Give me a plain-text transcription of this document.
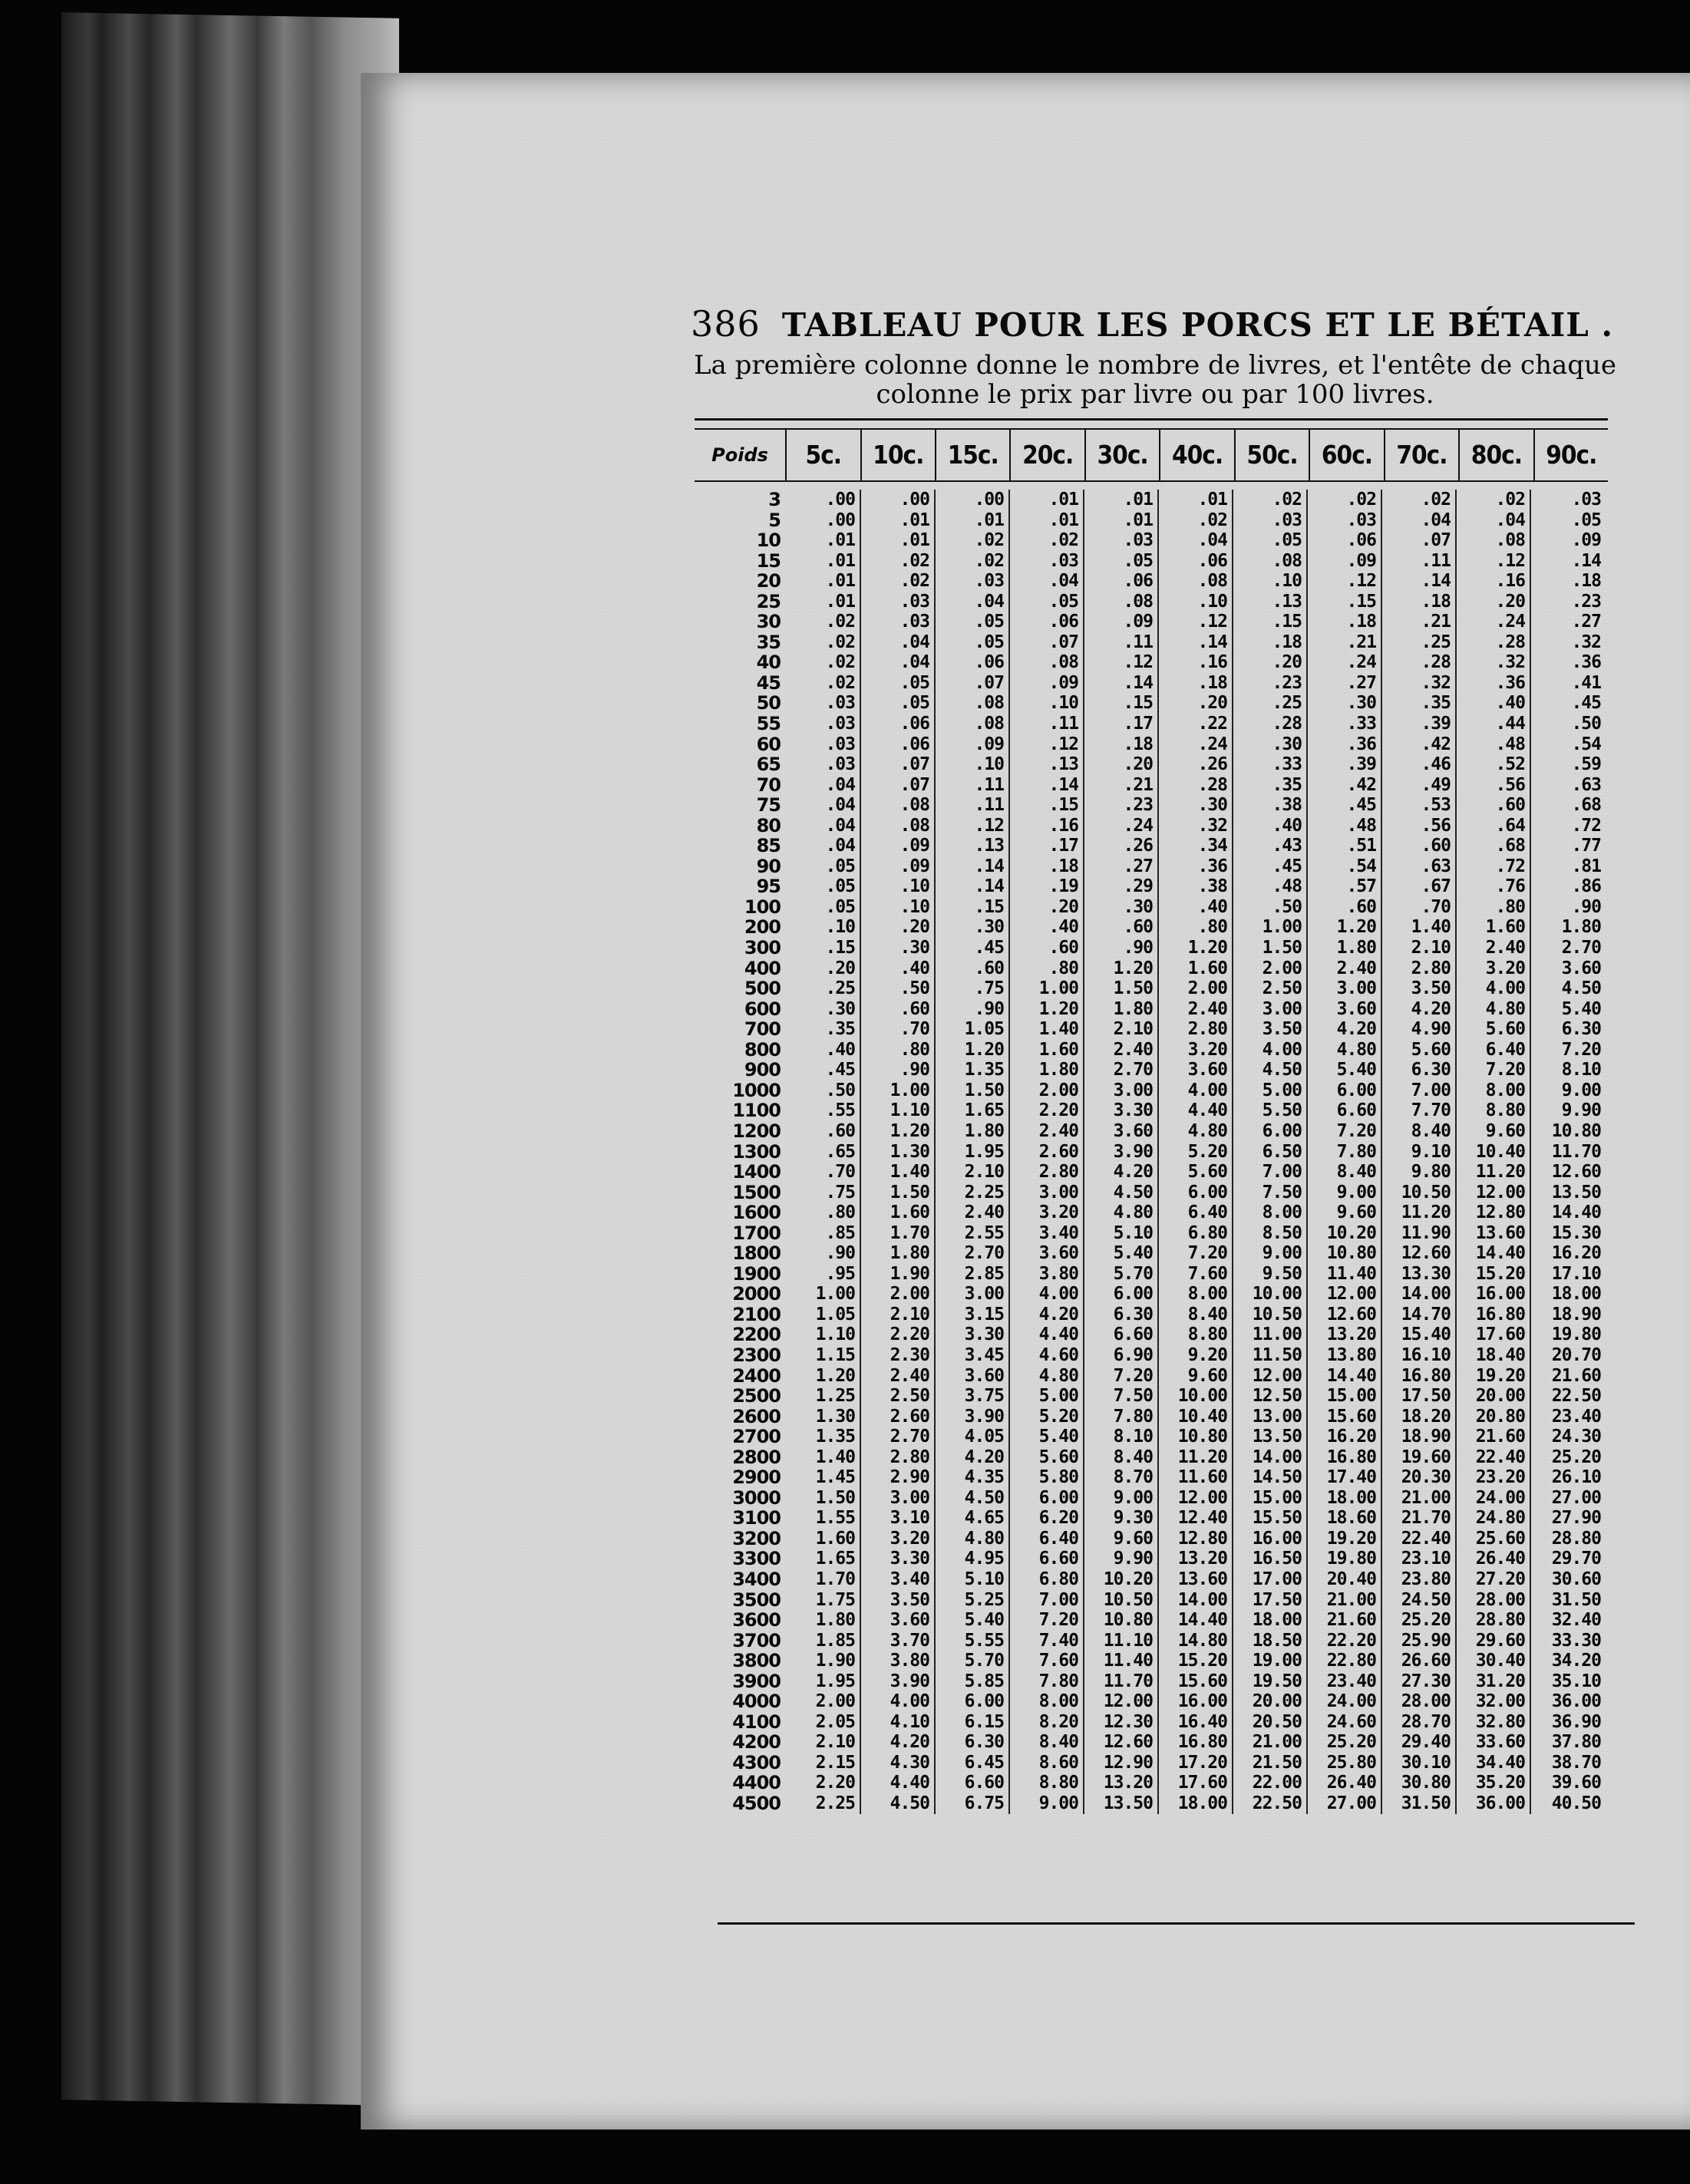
386 TABLEAU POUR LES PORCS ET LE BÉTAIL .
La première colonne donne le nombre de livres, et l'entête de chaque
colonne le prix par livre ou par 100 livres.
Poids	5c.	10c. 15c. 20c. 30c. 40c. 50c. 60c. 70c. 80c. 90c.
3	.00	.00	.00	.01	.01	.01	.02	.02	.02	.02	.03
5	.00	.01	.01	.01	.01	.02	.03	.03	.04	.04	.05
10	.01	.01	.02	.02	.03	.04	.05	.06	.07	.08	.09
15	.01	.02	.02	.03	.05	.06	.08	.09	.11	.12	.14
20	.01	.02	.03	.04	.06	.08	.10	.12	.14	.16	.18
25	.01	.03	.04	.05	.08	.10	.13	.15	.18	.20	.23
30	.02	.03	.05	.06	.09	.12	.15	.18	.21	.24	.27
35	.02	.04	.05	.07	.11	.14	.18	.21	.25	.28	.32
40	.02	.04	.06	.08	.12	.16	.20	.24	.28	.32	.36
45	.02	.05	.07	.09	.14	.18	.23	.27	.32	.36	.41
50	.03	.05	.08	.10	.15	.20	.25	.30	.35	.40	.45
55	.03	.06	.08	.11	.17	.22	.28	.33	.39	.44	.50
60	.03	.06	.09	.12	.18	.24	.30	.36	.42	.48	.54
65	.03	.07	.10	.13	.20	.26	.33	.39	.46	.52	.59
70	.04	.07	.11	.14	.21	.28	.35	.42	.49	.56	.63
75	.04	.08	.11	.15	.23	.30	.38	.45	.53	.60	.68
80	.04	.08	.12	.16	.24	.32	.40	.48	.56	.64	.72
85	.04	.09	.13	.17	.26	.34	.43	.51	.60	.68	.77
90	.05	.09	.14	.18	.27	.36	.45	.54	.63	.72	.81
95	.05	.10	.14	.19	.29	.38	.48	.57	.67	.76	.86
100	.05	.10	.15	.20	.30	.40	.50	.60	.70	.80	.90
200	.10	.20	.30	.40	.60	.80	1.00	1.20	1.40	1.60	1.80
300	.15	.30	.45	.60	.90	1.20	1.50	1.80	2.10	2.40	2.70
400	.20	.40	.60	.80	1.20	1.60	2.00	2.40	2.80	3.20	3.60
500	.25	.50	.75	1.00	1.50	2.00	2.50	3.00	3.50	4.00	4.50
600	.30	.60	.90	1.20	1.80	2.40	3.00	3.60	4.20	4.80	5.40
700	.35	.70	1.05	1.40	2.10	2.80	3.50	4.20	4.90	5.60	6.30
800	.40	.80	1.20	1.60	2.40	3.20	4.00	4.80	5.60	6.40	7.20
900	.45	.90	1.35	1.80	2.70	3.60	4.50	5.40	6.30	7.20	8.10
1000	.50	1.00	1.50	2.00	3.00	4.00	5.00	6.00	7.00	8.00	9.00
1100	.55	1.10	1.65	2.20	3.30	4.40	5.50	6.60	7.70	8.80	9.90
1200	.60	1.20	1.80	2.40	3.60	4.80	6.00	7.20	8.40	9.60	10.80
1300	.65	1.30	1.95	2.60	3.90	5.20	6.50	7.80	9.10	10.40	11.70
1400	.70	1.40	2.10	2.80	4.20	5.60	7.00	8.40	9.80	11.20	12.60
1500	.75	1.50	2.25	3.00	4.50	6.00	7.50	9.00	10.50	12.00	13.50
1600	.80	1.60	2.40	3.20	4.80	6.40	8.00	9.60	11.20	12.80	14.40
1700	.85	1.70	2.55	3.40	5.10	6.80	8.50	10.20	11.90	13.60	15.30
1800	.90	1.80	2.70	3.60	5.40	7.20	9.00	10.80	12.60	14.40	16.20
1900	.95	1.90	2.85	3.80	5.70	7.60	9.50	11.40	13.30	15.20	17.10
2000	1.00	2.00	3.00	4.00	6.00	8.00	10.00	12.00	14.00	16.00	18.00
2100	1.05	2.10	3.15	4.20	6.30	8.40	10.50	12.60	14.70	16.80	18.90
2200	1.10	2.20	3.30	4.40	6.60	8.80	11.00	13.20	15.40	17.60	19.80
2300	1.15	2.30	3.45	4.60	6.90	9.20	11.50	13.80	16.10	18.40	20.70
2400	1.20	2.40	3.60	4.80	7.20	9.60	12.00	14.40	16.80	19.20	21.60
2500	1.25	2.50	3.75	5.00	7.50	10.00	12.50	15.00	17.50	20.00	22.50
2600	1.30	2.60	3.90	5.20	7.80	10.40	13.00	15.60	18.20	20.80	23.40
2700	1.35	2.70	4.05	5.40	8.10	10.80	13.50	16.20	18.90	21.60	24.30
2800	1.40	2.80	4.20	5.60	8.40	11.20	14.00	16.80	19.60	22.40	25.20
2900	1.45	2.90	4.35	5.80	8.70	11.60	14.50	17.40	20.30	23.20	26.10
3000	1.50	3.00	4.50	6.00	9.00	12.00	15.00	18.00	21.00	24.00	27.00
3100	1.55	3.10	4.65	6.20	9.30	12.40	15.50	18.60	21.70	24.80	27.90
3200	1.60	3.20	4.80	6.40	9.60	12.80	16.00	19.20	22.40	25.60	28.80
3300	1.65	3.30	4.95	6.60	9.90	13.20	16.50	19.80	23.10	26.40	29.70
3400	1.70	3.40	5.10	6.80	10.20	13.60	17.00	20.40	23.80	27.20	30.60
3500	1.75	3.50	5.25	7.00	10.50	14.00	17.50	21.00	24.50	28.00	31.50
3600	1.80	3.60	5.40	7.20	10.80	14.40	18.00	21.60	25.20	28.80	32.40
3700	1.85	3.70	5.55	7.40	11.10	14.80	18.50	22.20	25.90	29.60	33.30
3800	1.90	3.80	5.70	7.60	11.40	15.20	19.00	22.80	26.60	30.40	34.20
3900	1.95	3.90	5.85	7.80	11.70	15.60	19.50	23.40	27.30	31.20	35.10
4000	2.00	4.00	6.00	8.00	12.00	16.00	20.00	24.00	28.00	32.00	36.00
4100	2.05	4.10	6.15	8.20	12.30	16.40	20.50	24.60	28.70	32.80	36.90
4200	2.10	4.20	6.30	8.40	12.60	16.80	21.00	25.20	29.40	33.60	37.80
4300	2.15	4.30	6.45	8.60	12.90	17.20	21.50	25.80	30.10	34.40	38.70
4400	2.20	4.40	6.60	8.80	13.20	17.60	22.00	26.40	30.80	35.20	39.60
4500	2.25	4.50	6.75	9.00	13.50	18.00	22.50	27.00	31.50	36.00	40.50
